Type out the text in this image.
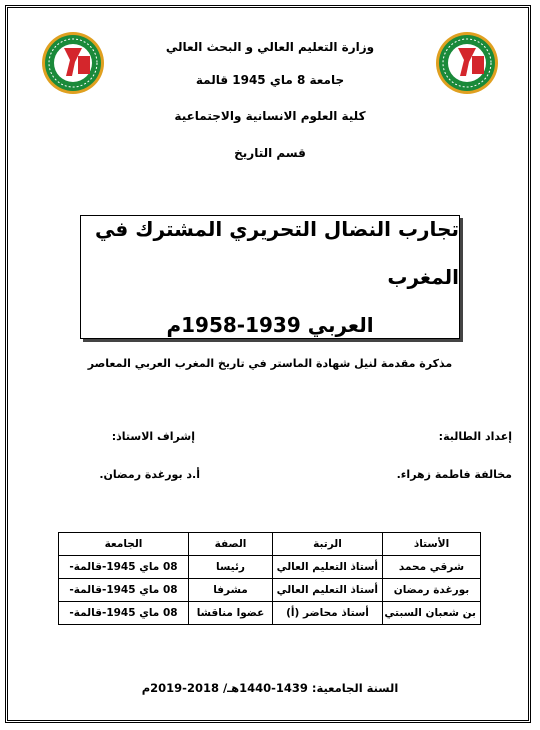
وزارة التعليم العالي و البحث العالي
جامعة 8 ماي 1945 قالمة
كلية العلوم الانسانية والاجتماعية
قسم التاريخ
تجارب النضال التحريري المشترك في المغرب
العربي 1939-1958م
مذكرة مقدمة لنيل شهادة الماستر في تاريخ المغرب العربي المعاصر
إعداد الطالبة:
إشراف الاستاذ:
مخالفة فاطمة زهراء.
أ.د بورغدة رمضان.
الأستاذ	الرتبة	الصفة	الجامعة
شرقي محمد	أستاذ التعليم العالي	رئيسا	08 ماي 1945-قالمة-
بورغدة رمضان	أستاذ التعليم العالي	مشرفا	08 ماي 1945-قالمة-
بن شعبان السبتي	أستاذ محاضر (أ)	عضوا مناقشا	08 ماي 1945-قالمة-
السنة الجامعية: 1439-1440هـ/ 2018-2019م
